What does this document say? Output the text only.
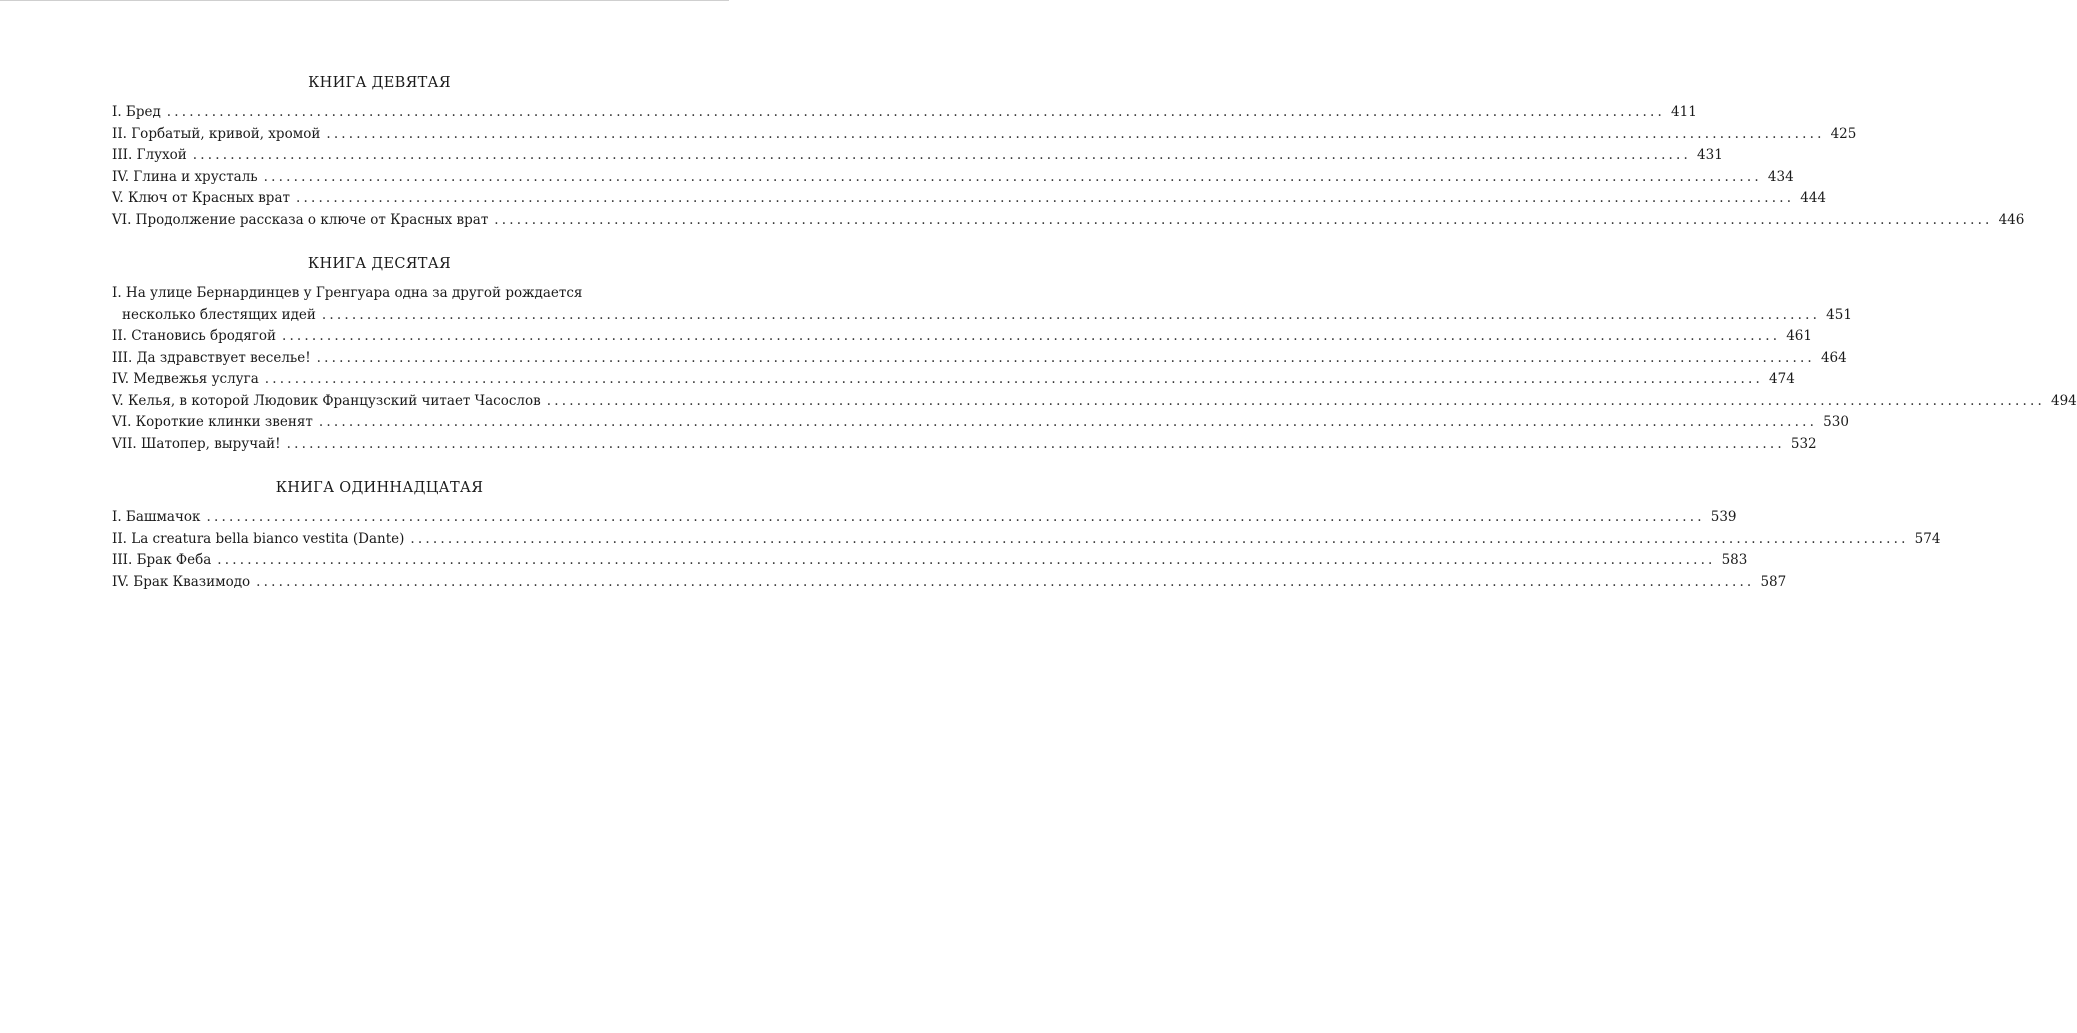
КНИГА ДЕВЯТАЯ
I. Бред ........................................................................................................................................................................................................ 411
II. Горбатый, кривой, хромой ........................................................................................................................................................................................................ 425
III. Глухой ........................................................................................................................................................................................................ 431
IV. Глина и хрусталь ........................................................................................................................................................................................................ 434
V. Ключ от Красных врат ........................................................................................................................................................................................................ 444
VI. Продолжение рассказа о ключе от Красных врат ........................................................................................................................................................................................................ 446
КНИГА ДЕСЯТАЯ
I. На улице Бернардинцев у Гренгуара одна за другой рождается
несколько блестящих идей ........................................................................................................................................................................................................ 451
II. Становись бродягой ........................................................................................................................................................................................................ 461
III. Да здравствует веселье! ........................................................................................................................................................................................................ 464
IV. Медвежья услуга ........................................................................................................................................................................................................ 474
V. Келья, в которой Людовик Французский читает Часослов ........................................................................................................................................................................................................ 494
VI. Короткие клинки звенят ........................................................................................................................................................................................................ 530
VII. Шатопер, выручай! ........................................................................................................................................................................................................ 532
КНИГА ОДИННАДЦАТАЯ
I. Башмачок ........................................................................................................................................................................................................ 539
II. La creatura bella bianco vestita (Dante) ........................................................................................................................................................................................................ 574
III. Брак Феба ........................................................................................................................................................................................................ 583
IV. Брак Квазимодо ........................................................................................................................................................................................................ 587
